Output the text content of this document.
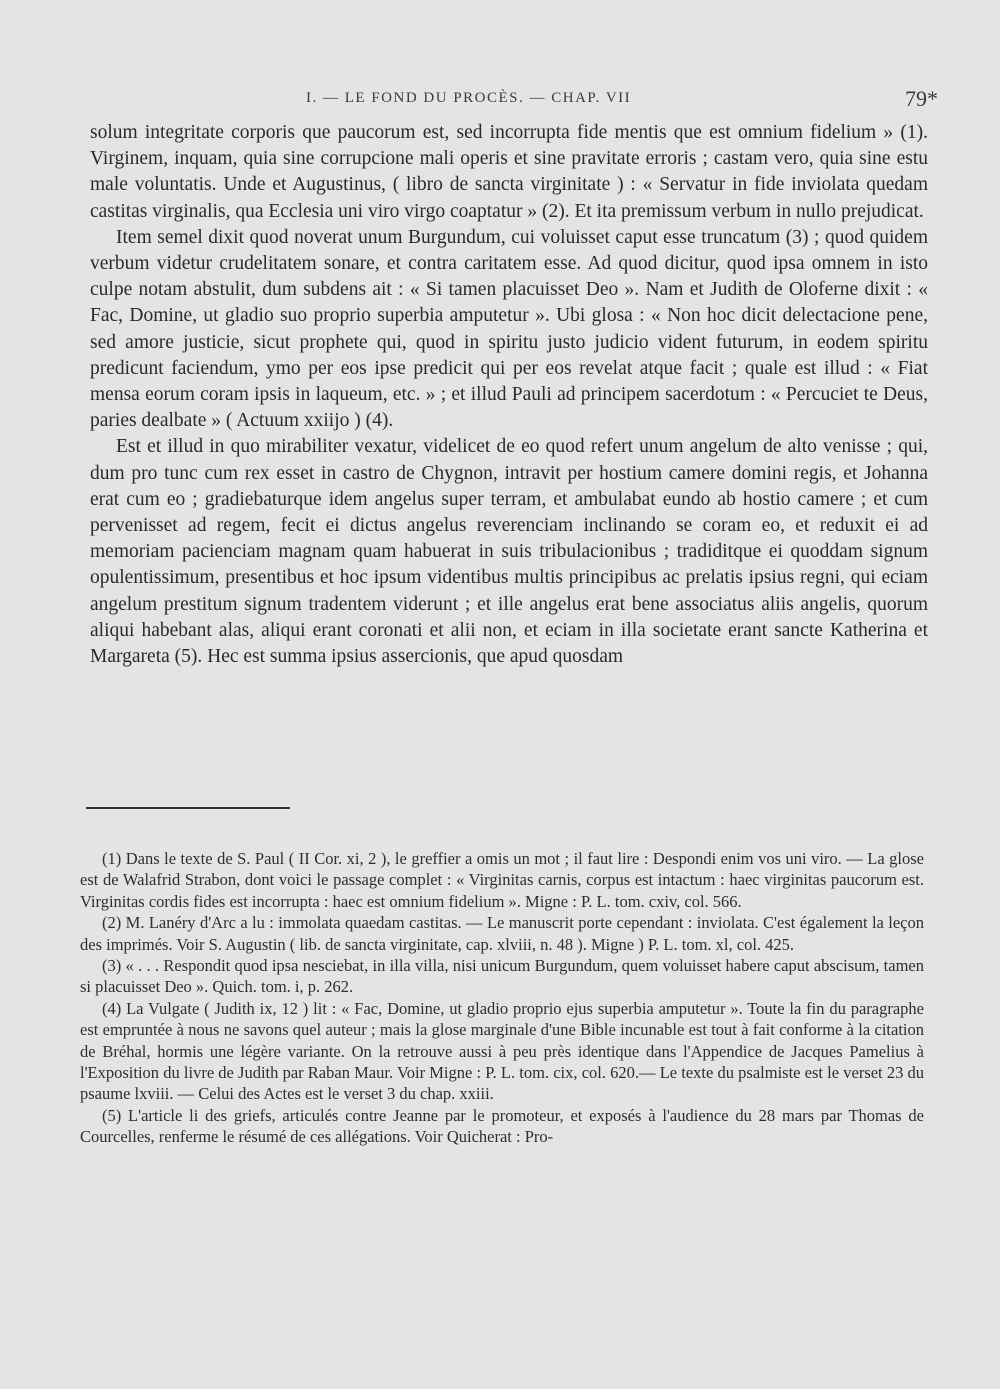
I. — LE FOND DU PROCÈS. — CHAP. VII	79*

solum integritate corporis que paucorum est, sed incorrupta fide mentis que est omnium fidelium » (1). Virginem, inquam, quia sine corrupcione mali operis et sine pravitate erroris ; castam vero, quia sine estu male voluntatis. Unde et Augustinus, ( libro de sancta virginitate ) : « Servatur in fide inviolata quedam castitas virginalis, qua Ecclesia uni viro virgo coaptatur » (2). Et ita premissum verbum in nullo prejudicat.

Item semel dixit quod noverat unum Burgundum, cui voluisset caput esse truncatum (3) ; quod quidem verbum videtur crudelitatem sonare, et contra caritatem esse. Ad quod dicitur, quod ipsa omnem in isto culpe notam abstulit, dum subdens ait : « Si tamen placuisset Deo ». Nam et Judith de Oloferne dixit : « Fac, Domine, ut gladio suo proprio superbia amputetur ». Ubi glosa : « Non hoc dicit delectacione pene, sed amore justicie, sicut prophete qui, quod in spiritu justo judicio vident futurum, in eodem spiritu predicunt faciendum, ymo per eos ipse predicit qui per eos revelat atque facit ; quale est illud : « Fiat mensa eorum coram ipsis in laqueum, etc. » ; et illud Pauli ad principem sacerdotum : « Percuciet te Deus, paries dealbate » ( Actuum xxiijo ) (4).

Est et illud in quo mirabiliter vexatur, videlicet de eo quod refert unum angelum de alto venisse ; qui, dum pro tunc cum rex esset in castro de Chygnon, intravit per hostium camere domini regis, et Johanna erat cum eo ; gradiebaturque idem angelus super terram, et ambulabat eundo ab hostio camere ; et cum pervenisset ad regem, fecit ei dictus angelus reverenciam inclinando se coram eo, et reduxit ei ad memoriam pacienciam magnam quam habuerat in suis tribulacionibus ; tradiditque ei quoddam signum opulentissimum, presentibus et hoc ipsum videntibus multis principibus ac prelatis ipsius regni, qui eciam angelum prestitum signum tradentem viderunt ; et ille angelus erat bene associatus aliis angelis, quorum aliqui habebant alas, aliqui erant coronati et alii non, et eciam in illa societate erant sancte Katherina et Margareta (5). Hec est summa ipsius assercionis, que apud quosdam

(1) Dans le texte de S. Paul ( II Cor. xi, 2 ), le greffier a omis un mot ; il faut lire : Despondi enim vos uni viro. — La glose est de Walafrid Strabon, dont voici le passage complet : « Virginitas carnis, corpus est intactum : haec virginitas paucorum est. Virginitas cordis fides est incorrupta : haec est omnium fidelium ». Migne : P. L. tom. cxiv, col. 566.

(2) M. Lanéry d'Arc a lu : immolata quaedam castitas. — Le manuscrit porte cependant : inviolata. C'est également la leçon des imprimés. Voir S. Augustin ( lib. de sancta virginitate, cap. xlviii, n. 48 ). Migne ) P. L. tom. xl, col. 425.

(3) « . . . Respondit quod ipsa nesciebat, in illa villa, nisi unicum Burgundum, quem voluisset habere caput abscisum, tamen si placuisset Deo ». Quich. tom. i, p. 262.

(4) La Vulgate ( Judith ix, 12 ) lit : « Fac, Domine, ut gladio proprio ejus superbia amputetur ». Toute la fin du paragraphe est empruntée à nous ne savons quel auteur ; mais la glose marginale d'une Bible incunable est tout à fait conforme à la citation de Bréhal, hormis une légère variante. On la retrouve aussi à peu près identique dans l'Appendice de Jacques Pamelius à l'Exposition du livre de Judith par Raban Maur. Voir Migne : P. L. tom. cix, col. 620.— Le texte du psalmiste est le verset 23 du psaume lxviii. — Celui des Actes est le verset 3 du chap. xxiii.

(5) L'article li des griefs, articulés contre Jeanne par le promoteur, et exposés à l'audience du 28 mars par Thomas de Courcelles, renferme le résumé de ces allégations. Voir Quicherat : Pro-
